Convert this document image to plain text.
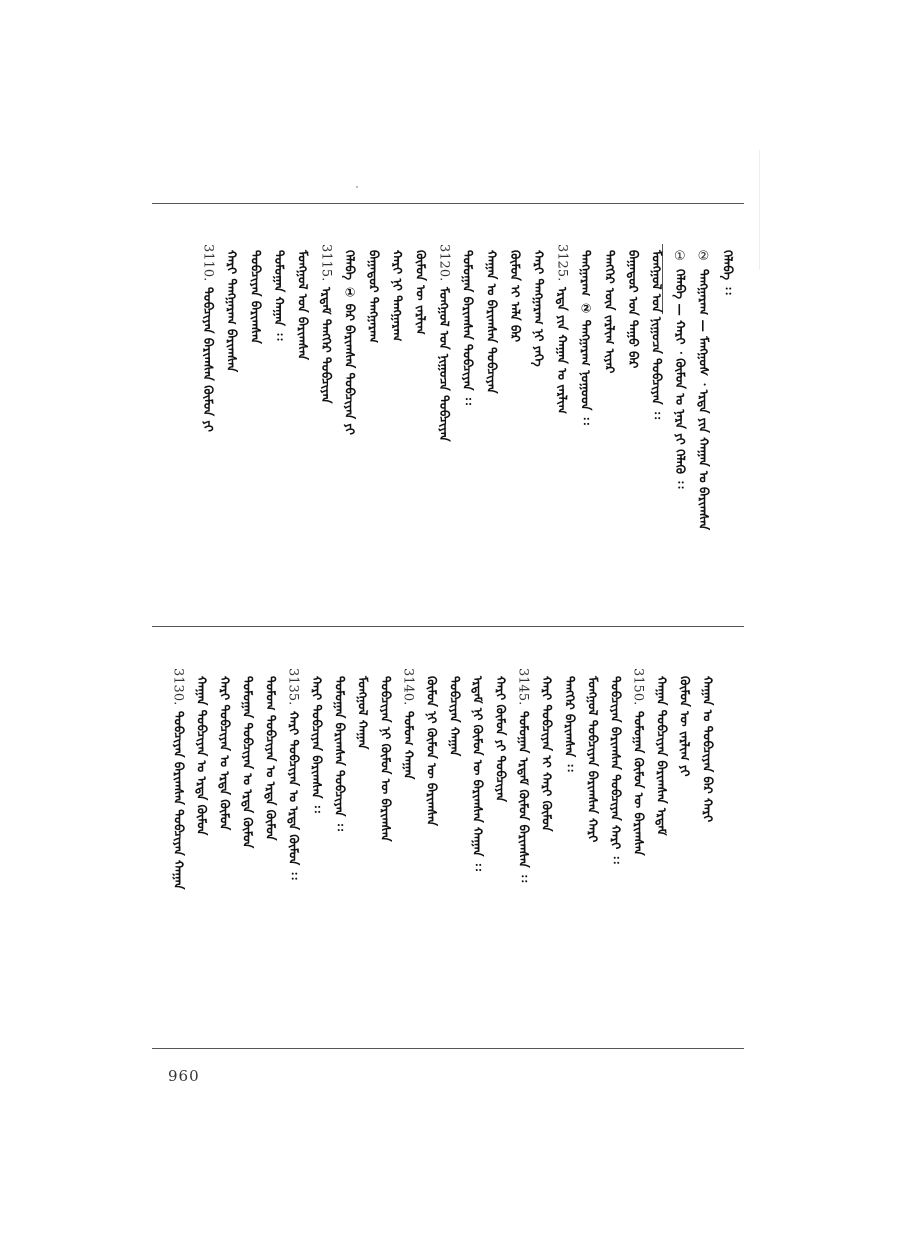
ᠬᠡᠯᠡᠪᠡ ᠄᠄
②
ᠲᠠᠩᠭᠠᠷᠠᠭ — ᠮᠠᠩᠭᠤᠰ ᠂ ᠡᠷᠳᠡ ᠶᠢᠨ ᠬᠠᠭᠠᠨ ᠤ ᠪᠠᠷᠢᠭᠰᠠᠨ
①
ᠬᠡᠯᠡᠪᠡ — ᠬᠠᠷᠢ ᠂ ᠬᠦᠮᠦᠨ ᠤ ᠨᠡᠷᠡ ᠶᠢ ᠬᠡᠯᠡᠬᠦ ᠄᠄
ᠮᠣᠩᠭᠣᠯ ᠤᠨ ᠨᠢᠭᠤᠴᠠ ᠲᠣᠪᠴᠢᠶᠠᠨ ᠄᠄
ᠪᠠᠭᠠᠲᠤᠷ ᠤᠨ ᠳᠠᠭᠤ ᠪᠠᠷ
ᠲᠡᠩᠭᠡᠷ ᠦᠨ ᠵᠠᠷᠯᠢᠭ ᠢᠶᠠᠷ
ᠲᠠᠩᠭᠠᠷᠠᠭ ② ᠲᠠᠩᠭᠠᠷᠠᠭ ᠨᠣᠭᠤᠳ ᠄᠄
3125.
ᠡᠷᠳᠡ ᠶᠢᠨ ᠬᠠᠭᠠᠨ ᠤ ᠵᠠᠷᠯᠢᠭ
ᠬᠠᠷᠢ ᠲᠠᠩᠭᠠᠷᠠᠭ ᠨᠢ ᠶᠡᠬᠡ
ᠬᠦᠮᠦᠨ ᠢ ᠠᠯᠠ ᠪᠠᠷ
ᠬᠠᠭᠠᠨ ᠤ ᠪᠠᠷᠢᠭᠰᠠᠨ ᠲᠣᠪᠴᠢᠶᠠᠨ
ᠲᠣᠮᠣᠭᠠᠨ ᠪᠠᠷᠢᠭᠰᠠᠨ ᠲᠣᠪᠴᠢᠶᠠᠨ ᠄᠄
3120.
ᠮᠣᠩᠭᠣᠯ ᠤᠨ ᠨᠢᠭᠤᠴᠠ ᠲᠣᠪᠴᠢᠶᠠᠨ
ᠬᠦᠮᠦᠨ ᠦ ᠵᠠᠷᠯᠢᠭ
ᠬᠠᠷᠢ ᠨᠢ ᠲᠠᠩᠭᠠᠷᠠᠭ
ᠪᠠᠭᠠᠲᠤᠷ ᠲᠠᠩᠭᠠᠷᠠᠭ
ᠬᠡᠯᠡᠪᠡ ① ᠪᠠᠷ ᠪᠠᠷᠢᠭᠰᠠᠨ ᠲᠣᠪᠴᠢᠶᠠᠨ ᠶᠢ
3115.
ᠡᠷᠳᠡᠮ ᠲᠡᠩᠭᠡᠷ ᠲᠣᠪᠴᠢᠶᠠᠨ
ᠮᠣᠩᠭᠣᠯ ᠤᠨ ᠪᠠᠷᠢᠭᠰᠠᠨ
ᠲᠣᠮᠣᠭᠠᠨ ᠬᠠᠭᠠᠨ ᠄᠄
ᠲᠣᠪᠴᠢᠶᠠᠨ ᠪᠠᠷᠢᠭᠰᠠᠨ
ᠬᠠᠷᠢ ᠲᠠᠩᠭᠠᠷᠠᠭ ᠪᠠᠷᠢᠭᠰᠠᠨ
3110.
ᠲᠣᠪᠴᠢᠶᠠᠨ ᠪᠠᠷᠢᠭᠰᠠᠨ ᠬᠦᠮᠦᠨ ᠶᠢ
ᠬᠠᠭᠠᠨ ᠤ ᠲᠣᠪᠴᠢᠶᠠᠨ ᠪᠠᠷ ᠬᠠᠷᠢ
ᠬᠦᠮᠦᠨ ᠦ ᠵᠠᠷᠯᠢᠭ ᠶᠢ
ᠬᠠᠭᠠᠨ ᠲᠣᠪᠴᠢᠶᠠᠨ ᠪᠠᠷᠢᠭᠰᠠᠨ ᠡᠷᠳᠡᠮ
3150.
ᠲᠣᠮᠣᠭᠠᠨ ᠬᠦᠮᠦᠨ ᠦ ᠪᠠᠷᠢᠭᠰᠠᠨ
ᠲᠣᠪᠴᠢᠶᠠᠨ ᠪᠠᠷᠢᠭᠰᠠᠨ ᠲᠣᠪᠴᠢᠶᠠᠨ ᠬᠠᠷᠢ ᠄᠄
ᠮᠣᠩᠭᠣᠯ ᠲᠣᠪᠴᠢᠶᠠᠨ ᠪᠠᠷᠢᠭᠰᠠᠨ ᠬᠠᠷᠢ
ᠲᠡᠩᠭᠡᠷ ᠪᠠᠷᠢᠭᠰᠠᠨ ᠄᠄
ᠬᠠᠷᠢ ᠲᠣᠪᠴᠢᠶᠠᠨ ᠢ ᠬᠠᠷᠢ ᠬᠦᠮᠦᠨ
3145.
ᠲᠣᠮᠣᠭᠠᠨ ᠡᠷᠳᠡᠮ ᠬᠦᠮᠦᠨ ᠪᠠᠷᠢᠭᠰᠠᠨ ᠄᠄
ᠬᠠᠷᠢ ᠬᠦᠮᠦᠨ ᠶᠢ ᠲᠣᠪᠴᠢᠶᠠᠨ
ᠡᠷᠳᠡᠮ ᠨᠢ ᠬᠦᠮᠦᠨ ᠦ ᠪᠠᠷᠢᠭᠰᠠᠨ ᠬᠠᠭᠠᠨ ᠄᠄
ᠲᠣᠪᠴᠢᠶᠠᠨ ᠬᠠᠭᠠᠨ
ᠬᠦᠮᠦᠨ ᠨᠢ ᠬᠦᠮᠦᠨ ᠦ ᠪᠠᠷᠢᠭᠰᠠᠨ
3140.
ᠲᠣᠮᠣᠭ ᠬᠠᠭᠠᠨ
ᠲᠣᠪᠴᠢᠶᠠᠨ ᠨᠢ ᠬᠦᠮᠦᠨ ᠦ ᠪᠠᠷᠢᠭᠰᠠᠨ
ᠮᠣᠩᠭᠣᠯ ᠬᠠᠭᠠᠨ
ᠲᠣᠮᠣᠭᠠᠨ ᠪᠠᠷᠢᠭᠰᠠᠨ ᠲᠣᠪᠴᠢᠶᠠᠨ ᠄᠄
ᠬᠠᠷᠢ ᠲᠣᠪᠴᠢᠶᠠᠨ ᠪᠠᠷᠢᠭᠰᠠᠨ ᠄᠄
3135.
ᠬᠠᠷᠢ ᠲᠣᠪᠴᠢᠶᠠᠨ ᠤ ᠡᠷᠳᠡ ᠬᠦᠮᠦᠨ ᠄᠄
ᠲᠣᠮᠣᠭ ᠲᠣᠪᠴᠢᠶᠠᠨ ᠤ ᠡᠷᠳᠡ ᠬᠦᠮᠦᠨ
ᠲᠣᠮᠣᠭᠠᠨ ᠲᠣᠪᠴᠢᠶᠠᠨ ᠤ ᠡᠷᠳᠡ ᠬᠦᠮᠦᠨ
ᠬᠠᠷᠢ ᠲᠣᠪᠴᠢᠶᠠᠨ ᠤ ᠡᠷᠳᠡ ᠬᠦᠮᠦᠨ
ᠬᠠᠭᠠᠨ ᠲᠣᠪᠴᠢᠶᠠᠨ ᠤ ᠡᠷᠳᠡ ᠬᠦᠮᠦᠨ
3130.
ᠲᠣᠪᠴᠢᠶᠠᠨ ᠪᠠᠷᠢᠭᠰᠠᠨ ᠲᠣᠪᠴᠢᠶᠠᠨ ᠬᠠᠭᠠᠨ
960
